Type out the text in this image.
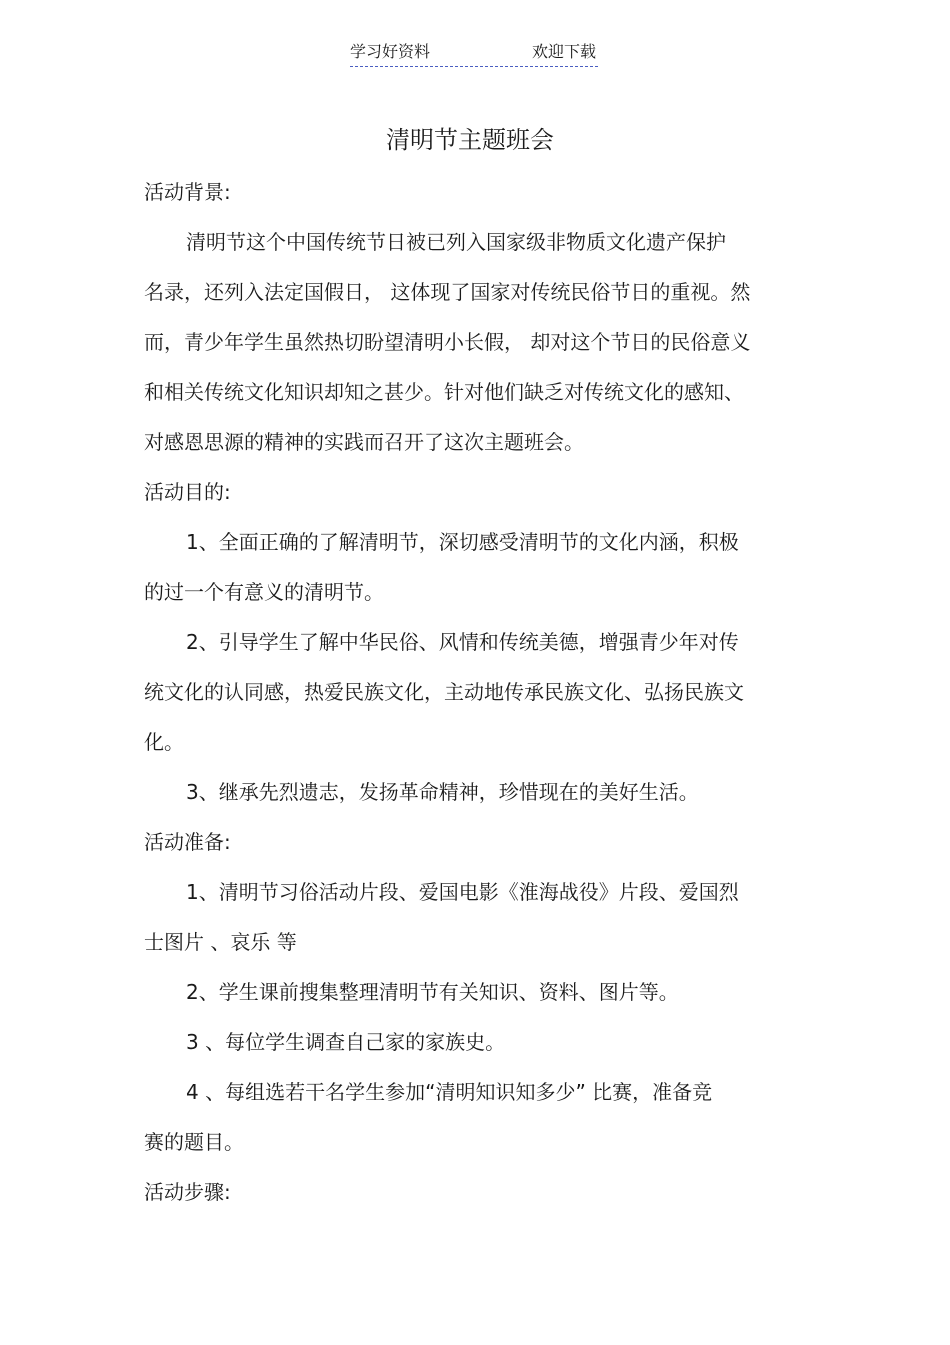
学习好资料	欢迎下载
清明节主题班会
活动背景:
清明节这个中国传统节日被已列入国家级非物质文化遗产保护
名录，还列入法定国假日， 这体现了国家对传统民俗节日的重视。然
而，青少年学生虽然热切盼望清明小长假， 却对这个节日的民俗意义
和相关传统文化知识却知之甚少。针对他们缺乏对传统文化的感知、
对感恩思源的精神的实践而召开了这次主题班会。
活动目的:
1、全面正确的了解清明节，深切感受清明节的文化内涵，积极
的过一个有意义的清明节。
2、引导学生了解中华民俗、风情和传统美德，增强青少年对传
统文化的认同感，热爱民族文化，主动地传承民族文化、弘扬民族文
化。
3、继承先烈遗志，发扬革命精神，珍惜现在的美好生活。
活动准备:
1、清明节习俗活动片段、爱国电影《淮海战役》片段、爱国烈
士图片 、哀乐 等
2、学生课前搜集整理清明节有关知识、资料、图片等。
3 、每位学生调查自己家的家族史。
4 、每组选若干名学生参加“清明知识知多少” 比赛，准备竞
赛的题目。
活动步骤:
